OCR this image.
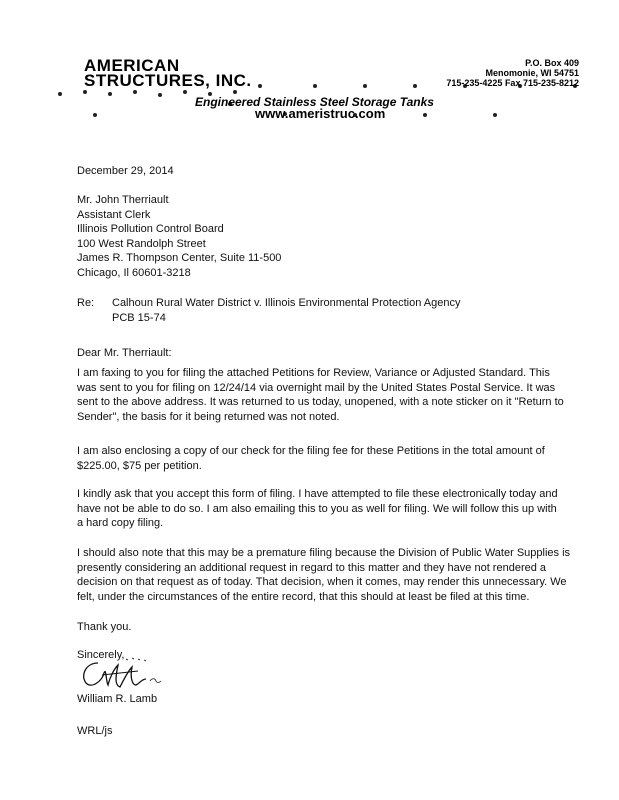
AMERICAN
STRUCTURES, INC.
P.O. Box 409
Menomonie, WI 54751
715-235-4225 Fax 715-235-8212
Engineered Stainless Steel Storage Tanks
www.ameristruc.com
December 29, 2014
Mr. John Therriault
Assistant Clerk
Illinois Pollution Control Board
100 West Randolph Street
James R. Thompson Center, Suite 11-500
Chicago, Il 60601-3218
Re: Calhoun Rural Water District v. Illinois Environmental Protection Agency
PCB 15-74
Dear Mr. Therriault:
I am faxing to you for filing the attached Petitions for Review, Variance or Adjusted Standard. This
was sent to you for filing on 12/24/14 via overnight mail by the United States Postal Service. It was
sent to the above address. It was returned to us today, unopened, with a note sticker on it "Return to
Sender", the basis for it being returned was not noted.
I am also enclosing a copy of our check for the filing fee for these Petitions in the total amount of
$225.00, $75 per petition.
I kindly ask that you accept this form of filing. I have attempted to file these electronically today and
have not be able to do so. I am also emailing this to you as well for filing. We will follow this up with
a hard copy filing.
I should also note that this may be a premature filing because the Division of Public Water Supplies is
presently considering an additional request in regard to this matter and they have not rendered a
decision on that request as of today. That decision, when it comes, may render this unnecessary. We
felt, under the circumstances of the entire record, that this should at least be filed at this time.
Thank you.
Sincerely,
William R. Lamb
WRL/js
